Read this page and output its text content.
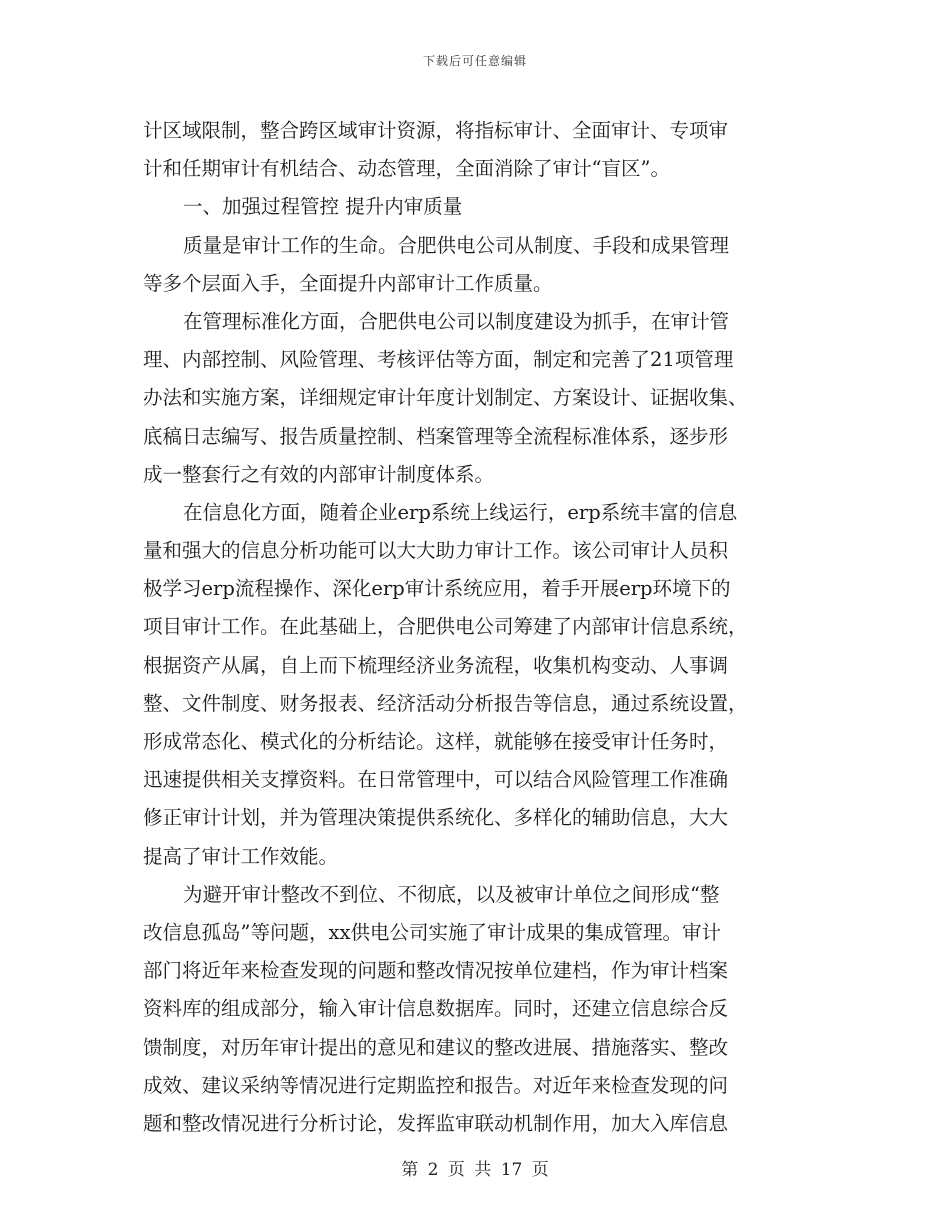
下载后可任意编辑
计区域限制，整合跨区域审计资源，将指标审计、全面审计、专项审
计和任期审计有机结合、动态管理，全面消除了审计“盲区”。
一、加强过程管控 提升内审质量
质量是审计工作的生命。合肥供电公司从制度、手段和成果管理
等多个层面入手，全面提升内部审计工作质量。
在管理标准化方面，合肥供电公司以制度建设为抓手，在审计管
理、内部控制、风险管理、考核评估等方面，制定和完善了21项管理
办法和实施方案，详细规定审计年度计划制定、方案设计、证据收集、
底稿日志编写、报告质量控制、档案管理等全流程标准体系，逐步形
成一整套行之有效的内部审计制度体系。
在信息化方面，随着企业erp系统上线运行，erp系统丰富的信息
量和强大的信息分析功能可以大大助力审计工作。该公司审计人员积
极学习erp流程操作、深化erp审计系统应用，着手开展erp环境下的
项目审计工作。在此基础上，合肥供电公司筹建了内部审计信息系统，
根据资产从属，自上而下梳理经济业务流程，收集机构变动、人事调
整、文件制度、财务报表、经济活动分析报告等信息，通过系统设置，
形成常态化、模式化的分析结论。这样，就能够在接受审计任务时，
迅速提供相关支撑资料。在日常管理中，可以结合风险管理工作准确
修正审计计划，并为管理决策提供系统化、多样化的辅助信息，大大
提高了审计工作效能。
为避开审计整改不到位、不彻底，以及被审计单位之间形成“整
改信息孤岛”等问题，xx供电公司实施了审计成果的集成管理。审计
部门将近年来检查发现的问题和整改情况按单位建档，作为审计档案
资料库的组成部分，输入审计信息数据库。同时，还建立信息综合反
馈制度，对历年审计提出的意见和建议的整改进展、措施落实、整改
成效、建议采纳等情况进行定期监控和报告。对近年来检查发现的问
题和整改情况进行分析讨论，发挥监审联动机制作用，加大入库信息
第 2 页 共 17 页
